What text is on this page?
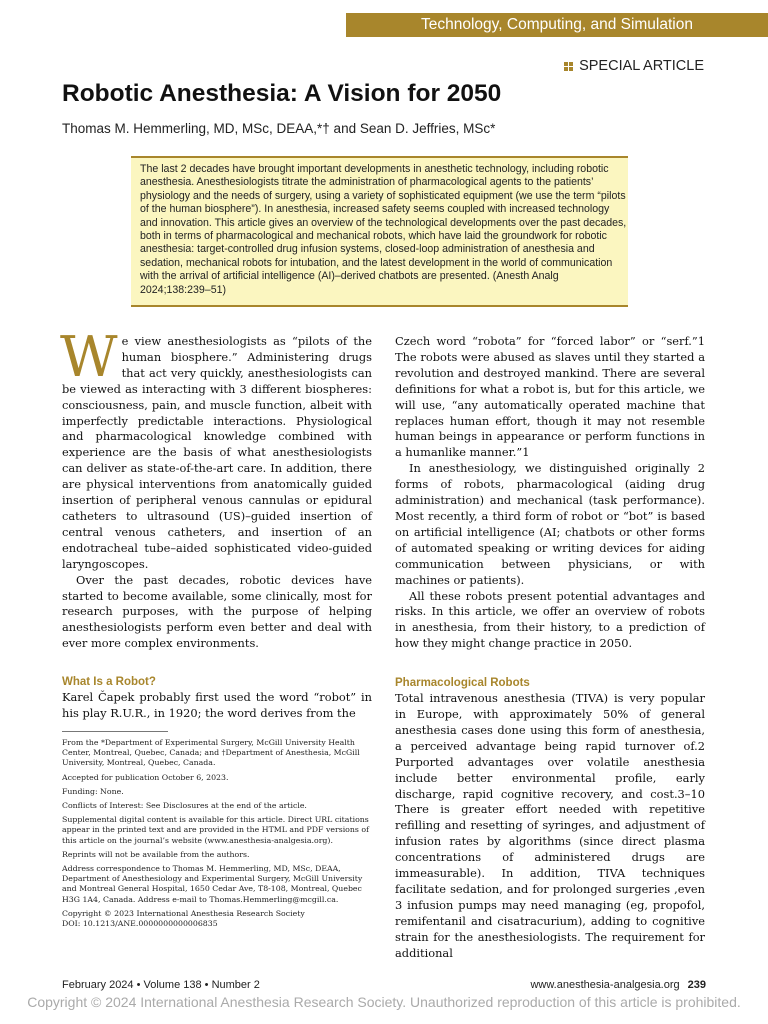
Technology, Computing, and Simulation
SPECIAL ARTICLE
Robotic Anesthesia: A Vision for 2050
Thomas M. Hemmerling, MD, MSc, DEAA,*† and Sean D. Jeffries, MSc*

The last 2 decades have brought important developments in anesthetic technology, including robotic anesthesia. Anesthesiologists titrate the administration of pharmacological agents to the patients’ physiology and the needs of surgery, using a variety of sophisticated equipment (we use the term “pilots of the human biosphere”). In anesthesia, increased safety seems coupled with increased technology and innovation. This article gives an overview of the technological developments over the past decades, both in terms of pharmacological and mechanical robots, which have laid the groundwork for robotic anesthesia: target-controlled drug infusion systems, closed-loop administration of anesthesia and sedation, mechanical robots for intubation, and the latest development in the world of communication with the arrival of artificial intelligence (AI)–derived chatbots are presented. (Anesth Analg 2024;138:239–51)

We view anesthesiologists as “pilots of the human biosphere.” Administering drugs that act very quickly, anesthesiologists can be viewed as interacting with 3 different biospheres: consciousness, pain, and muscle function, albeit with imperfectly predictable interactions. Physiological and pharmacological knowledge combined with experience are the basis of what anesthesiologists can deliver as state-of-the-art care. In addition, there are physical interventions from anatomically guided insertion of peripheral venous cannulas or epidural catheters to ultrasound (US)–guided insertion of central venous catheters, and insertion of an endotracheal tube–aided sophisticated video-guided laryngoscopes.

Over the past decades, robotic devices have started to become available, some clinically, most for research purposes, with the purpose of helping anesthesiologists perform even better and deal with ever more complex environments.

What Is a Robot?

Karel Čapek probably first used the word “robot” in his play R.U.R., in 1920; the word derives from the

From the *Department of Experimental Surgery, McGill University Health Center, Montreal, Quebec, Canada; and †Department of Anesthesia, McGill University, Montreal, Quebec, Canada.

Accepted for publication October 6, 2023.

Funding: None.

Conflicts of Interest: See Disclosures at the end of the article.

Supplemental digital content is available for this article. Direct URL citations appear in the printed text and are provided in the HTML and PDF versions of this article on the journal’s website (www.anesthesia-analgesia.org).

Reprints will not be available from the authors.

Address correspondence to Thomas M. Hemmerling, MD, MSc, DEAA, Department of Anesthesiology and Experimental Surgery, McGill University and Montreal General Hospital, 1650 Cedar Ave, T8-108, Montreal, Quebec H3G 1A4, Canada. Address e-mail to Thomas.Hemmerling@mcgill.ca.

Copyright © 2023 International Anesthesia Research Society

DOI: 10.1213/ANE.0000000000006835

Czech word “robota” for “forced labor” or “serf.”1 The robots were abused as slaves until they started a revolution and destroyed mankind. There are several definitions for what a robot is, but for this article, we will use, “any automatically operated machine that replaces human effort, though it may not resemble human beings in appearance or perform functions in a humanlike manner.”1

In anesthesiology, we distinguished originally 2 forms of robots, pharmacological (aiding drug administration) and mechanical (task performance). Most recently, a third form of robot or “bot” is based on artificial intelligence (AI; chatbots or other forms of automated speaking or writing devices for aiding communication between physicians, or with machines or patients).

All these robots present potential advantages and risks. In this article, we offer an overview of robots in anesthesia, from their history, to a prediction of how they might change practice in 2050.

Pharmacological Robots

Total intravenous anesthesia (TIVA) is very popular in Europe, with approximately 50% of general anesthesia cases done using this form of anesthesia, a perceived advantage being rapid turnover of.2 Purported advantages over volatile anesthesia include better environmental profile, early discharge, rapid cognitive recovery, and cost.3–10 There is greater effort needed with repetitive refilling and resetting of syringes, and adjustment of infusion rates by algorithms (since direct plasma concentrations of administered drugs are immeasurable). In addition, TIVA techniques facilitate sedation, and for prolonged surgeries ,even 3 infusion pumps may need managing (eg, propofol, remifentanil and cisatracurium), adding to cognitive strain for the anesthesiologists. The requirement for additional

February 2024 • Volume 138 • Number 2	www.anesthesia-analgesia.org 239
Copyright © 2024 International Anesthesia Research Society. Unauthorized reproduction of this article is prohibited.
